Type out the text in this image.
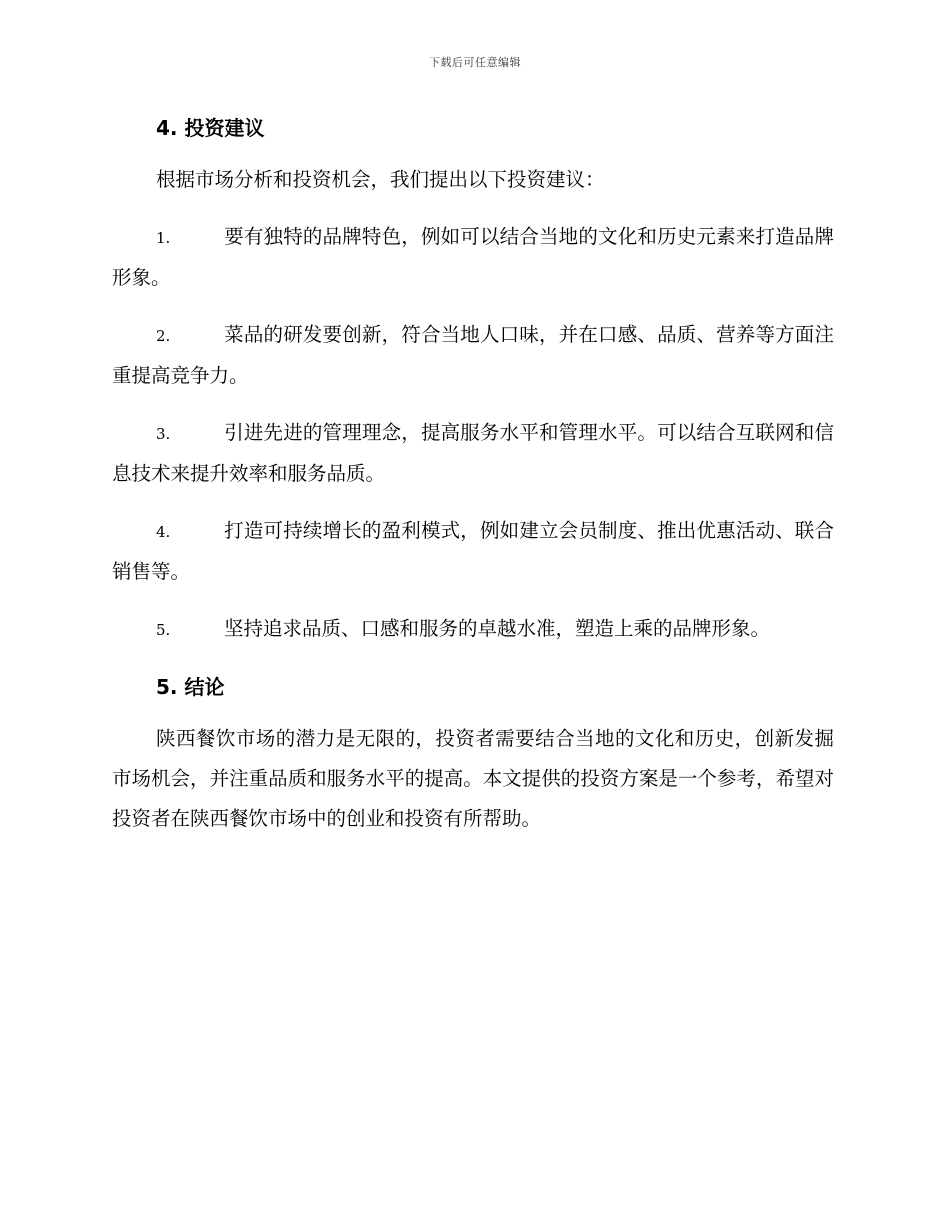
下载后可任意编辑
4. 投资建议

根据市场分析和投资机会，我们提出以下投资建议：

1.	要有独特的品牌特色，例如可以结合当地的文化和历史元素来打造品牌形象。

2.	菜品的研发要创新，符合当地人口味，并在口感、品质、营养等方面注重提高竞争力。

3.	引进先进的管理理念，提高服务水平和管理水平。可以结合互联网和信息技术来提升效率和服务品质。

4.	打造可持续增长的盈利模式，例如建立会员制度、推出优惠活动、联合销售等。

5.	坚持追求品质、口感和服务的卓越水准，塑造上乘的品牌形象。

5. 结论

陕西餐饮市场的潜力是无限的，投资者需要结合当地的文化和历史，创新发掘市场机会，并注重品质和服务水平的提高。本文提供的投资方案是一个参考，希望对投资者在陕西餐饮市场中的创业和投资有所帮助。
